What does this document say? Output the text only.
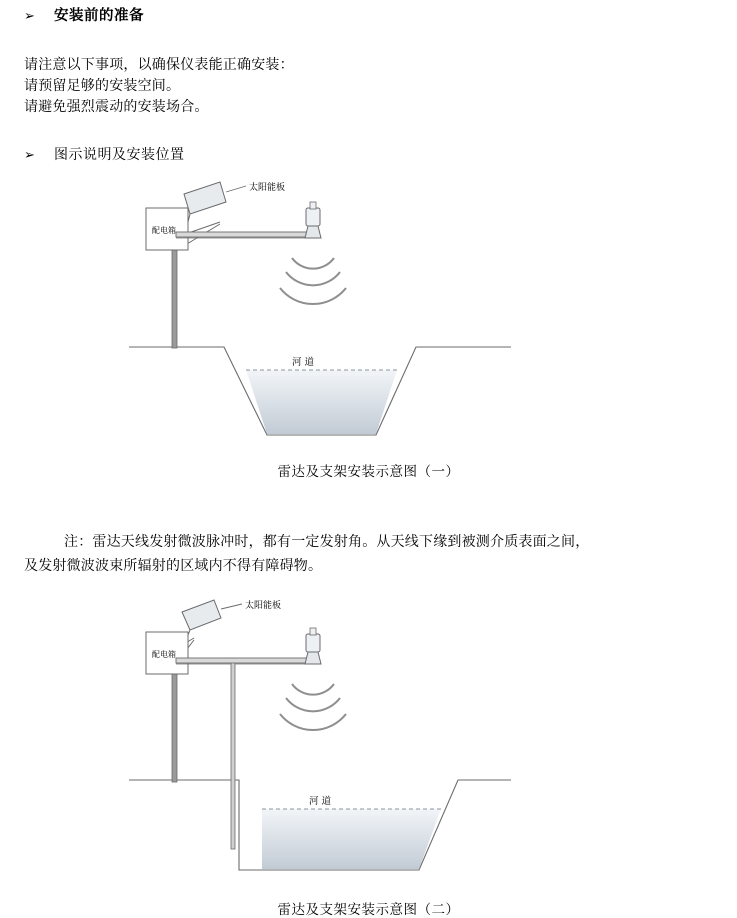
➢	安装前的准备
请注意以下事项，以确保仪表能正确安装：
请预留足够的安装空间。
请避免强烈震动的安装场合。
➢	图示说明及安装位置
太阳能板
配电箱
河 道
雷达及支架安装示意图（一）
注：雷达天线发射微波脉冲时，都有一定发射角。从天线下缘到被测介质表面之间，
及发射微波波束所辐射的区域内不得有障碍物。
太阳能板
配电箱
河 道
雷达及支架安装示意图（二）
